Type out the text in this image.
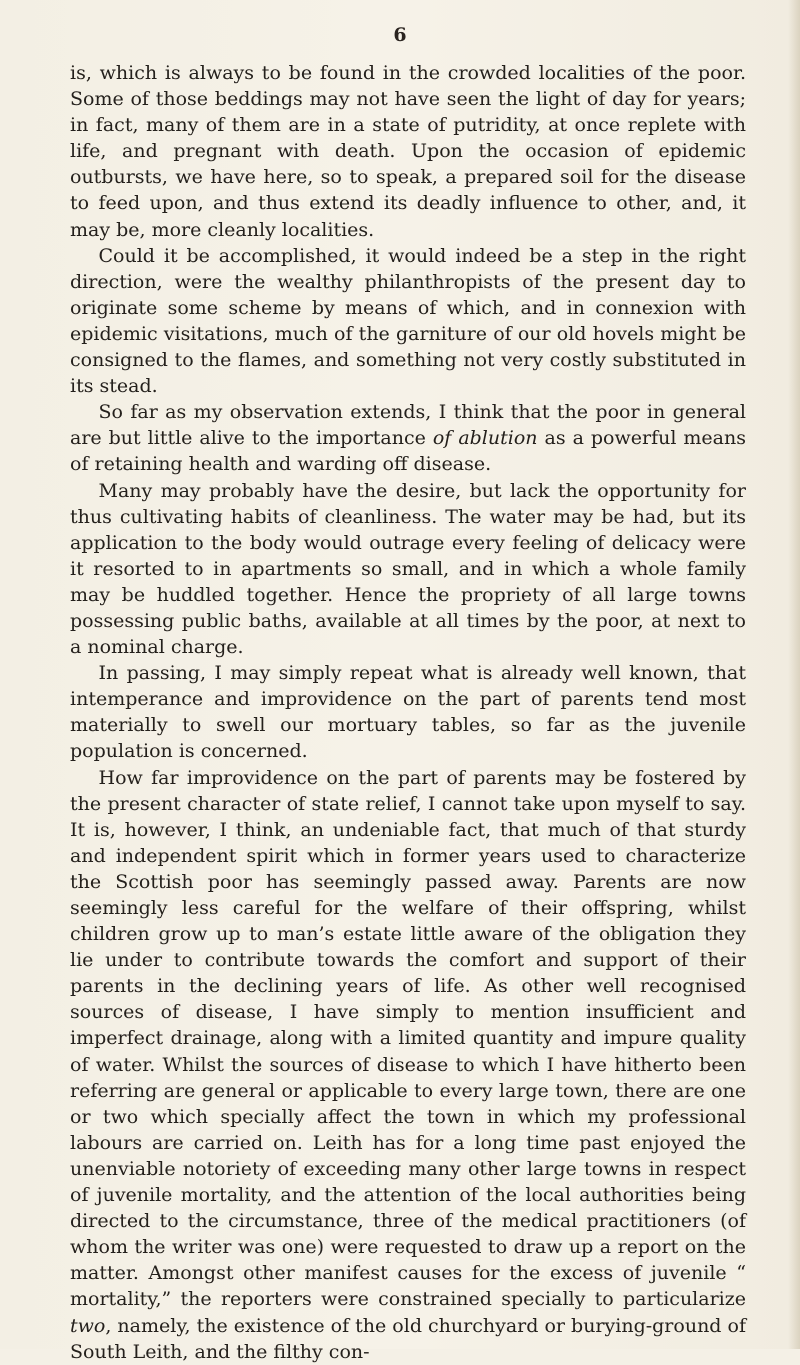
6

is, which is always to be found in the crowded localities of the poor. Some of those beddings may not have seen the light of day for years; in fact, many of them are in a state of putridity, at once replete with life, and pregnant with death. Upon the occasion of epidemic outbursts, we have here, so to speak, a prepared soil for the disease to feed upon, and thus extend its deadly influence to other, and, it may be, more cleanly localities.

Could it be accomplished, it would indeed be a step in the right direction, were the wealthy philanthropists of the present day to originate some scheme by means of which, and in connexion with epidemic visitations, much of the garniture of our old hovels might be consigned to the flames, and something not very costly substituted in its stead.

So far as my observation extends, I think that the poor in general are but little alive to the importance of ablution as a powerful means of retaining health and warding off disease.

Many may probably have the desire, but lack the opportunity for thus cultivating habits of cleanliness. The water may be had, but its application to the body would outrage every feeling of delicacy were it resorted to in apartments so small, and in which a whole family may be huddled together. Hence the propriety of all large towns possessing public baths, available at all times by the poor, at next to a nominal charge.

In passing, I may simply repeat what is already well known, that intemperance and improvidence on the part of parents tend most materially to swell our mortuary tables, so far as the juvenile population is concerned.

How far improvidence on the part of parents may be fostered by the present character of state relief, I cannot take upon myself to say. It is, however, I think, an undeniable fact, that much of that sturdy and independent spirit which in former years used to characterize the Scottish poor has seemingly passed away. Parents are now seemingly less careful for the welfare of their offspring, whilst children grow up to man’s estate little aware of the obligation they lie under to contribute towards the comfort and support of their parents in the declining years of life. As other well recognised sources of disease, I have simply to mention insufficient and imperfect drainage, along with a limited quantity and impure quality of water. Whilst the sources of disease to which I have hitherto been referring are general or applicable to every large town, there are one or two which specially affect the town in which my professional labours are carried on. Leith has for a long time past enjoyed the unenviable notoriety of exceeding many other large towns in respect of juvenile mortality, and the attention of the local authorities being directed to the circumstance, three of the medical practitioners (of whom the writer was one) were requested to draw up a report on the matter. Amongst other manifest causes for the excess of juvenile “ mortality,” the reporters were constrained specially to particularize two, namely, the existence of the old churchyard or burying-ground of South Leith, and the filthy con-
